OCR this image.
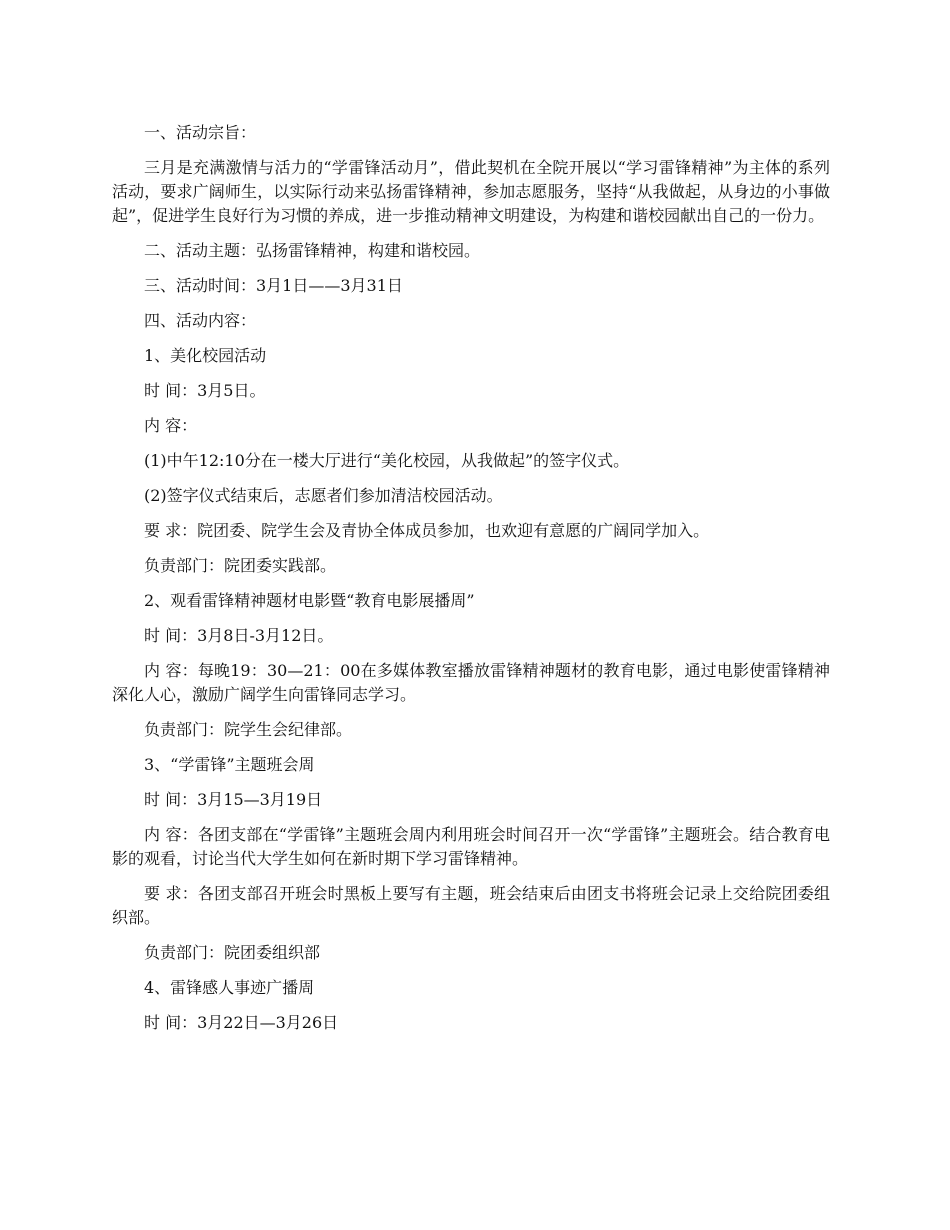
一、活动宗旨：

三月是充满激情与活力的“学雷锋活动月”，借此契机在全院开展以“学习雷锋精神”为主体的系列活动，要求广阔师生，以实际行动来弘扬雷锋精神，参加志愿服务，坚持“从我做起，从身边的小事做起”，促进学生良好行为习惯的养成，进一步推动精神文明建设，为构建和谐校园献出自己的一份力。

二、活动主题：弘扬雷锋精神，构建和谐校园。

三、活动时间：3月1日——3月31日

四、活动内容：

1、美化校园活动

时 间：3月5日。

内 容：

(1)中午12:10分在一楼大厅进行“美化校园，从我做起”的签字仪式。

(2)签字仪式结束后，志愿者们参加清洁校园活动。

要 求：院团委、院学生会及青协全体成员参加，也欢迎有意愿的广阔同学加入。

负责部门：院团委实践部。

2、观看雷锋精神题材电影暨“教育电影展播周”

时 间：3月8日-3月12日。

内 容：每晚19：30—21：00在多媒体教室播放雷锋精神题材的教育电影，通过电影使雷锋精神深化人心，激励广阔学生向雷锋同志学习。

负责部门：院学生会纪律部。

3、“学雷锋”主题班会周

时 间：3月15—3月19日

内 容：各团支部在“学雷锋”主题班会周内利用班会时间召开一次“学雷锋”主题班会。结合教育电影的观看，讨论当代大学生如何在新时期下学习雷锋精神。

要 求：各团支部召开班会时黑板上要写有主题，班会结束后由团支书将班会记录上交给院团委组织部。

负责部门：院团委组织部

4、雷锋感人事迹广播周

时 间：3月22日—3月26日
